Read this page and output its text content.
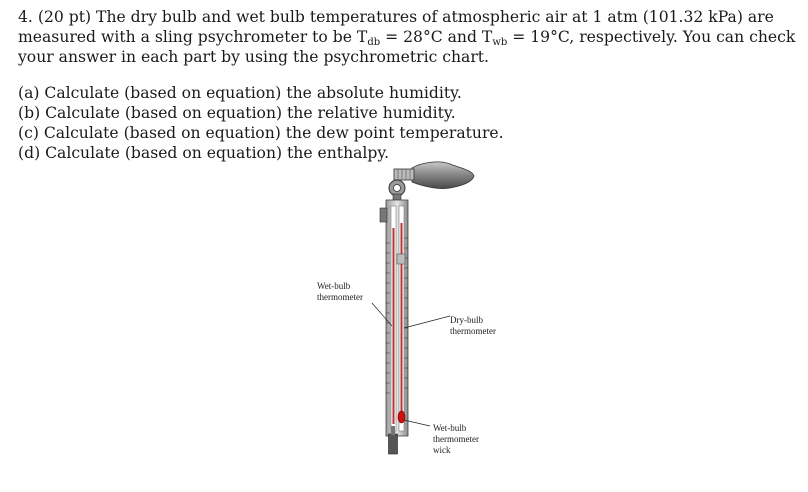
4. (20 pt) The dry bulb and wet bulb temperatures of atmospheric air at 1 atm (101.32 kPa) are measured with a sling psychrometer to be $T_{db} = 28^\circ C$ and $T_{wb} = 19^\circ C$, respectively. You can check your answer in each part by using the psychrometric chart.
(a) Calculate (based on equation) the absolute humidity.
(b) Calculate (based on equation) the relative humidity.
(c) Calculate (based on equation) the dew point temperature.
(d) Calculate (based on equation) the enthalpy.
Wet-bulb
thermometer
Dry-bulb
thermometer
Wet-bulb
thermometer
wick
